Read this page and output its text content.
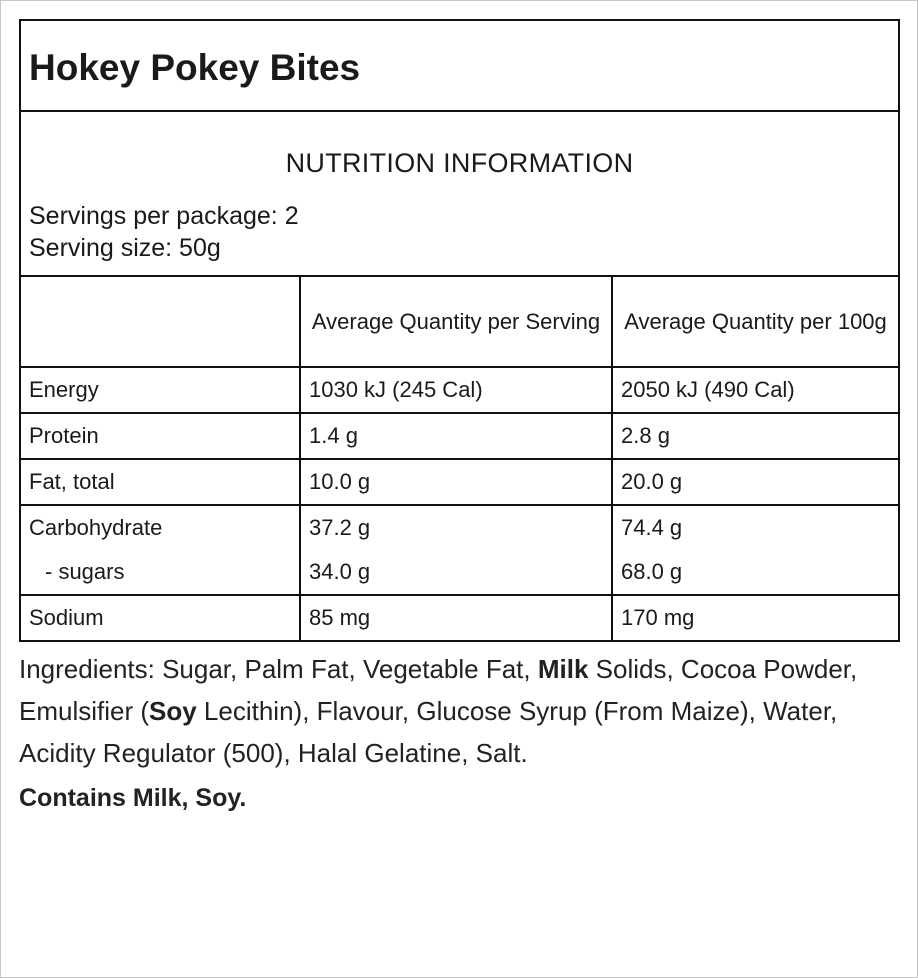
Hokey Pokey Bites
NUTRITION INFORMATION
Servings per package: 2
Serving size: 50g
	Average Quantity per Serving	Average Quantity per 100g
Energy	1030 kJ (245 Cal)	2050 kJ (490 Cal)
Protein	1.4 g	2.8 g
Fat, total	10.0 g	20.0 g
Carbohydrate	37.2 g	74.4 g
- sugars	34.0 g	68.0 g
Sodium	85 mg	170 mg
Ingredients: Sugar, Palm Fat, Vegetable Fat, Milk Solids, Cocoa Powder, Emulsifier (Soy Lecithin), Flavour, Glucose Syrup (From Maize), Water, Acidity Regulator (500), Halal Gelatine, Salt.
Contains Milk, Soy.
